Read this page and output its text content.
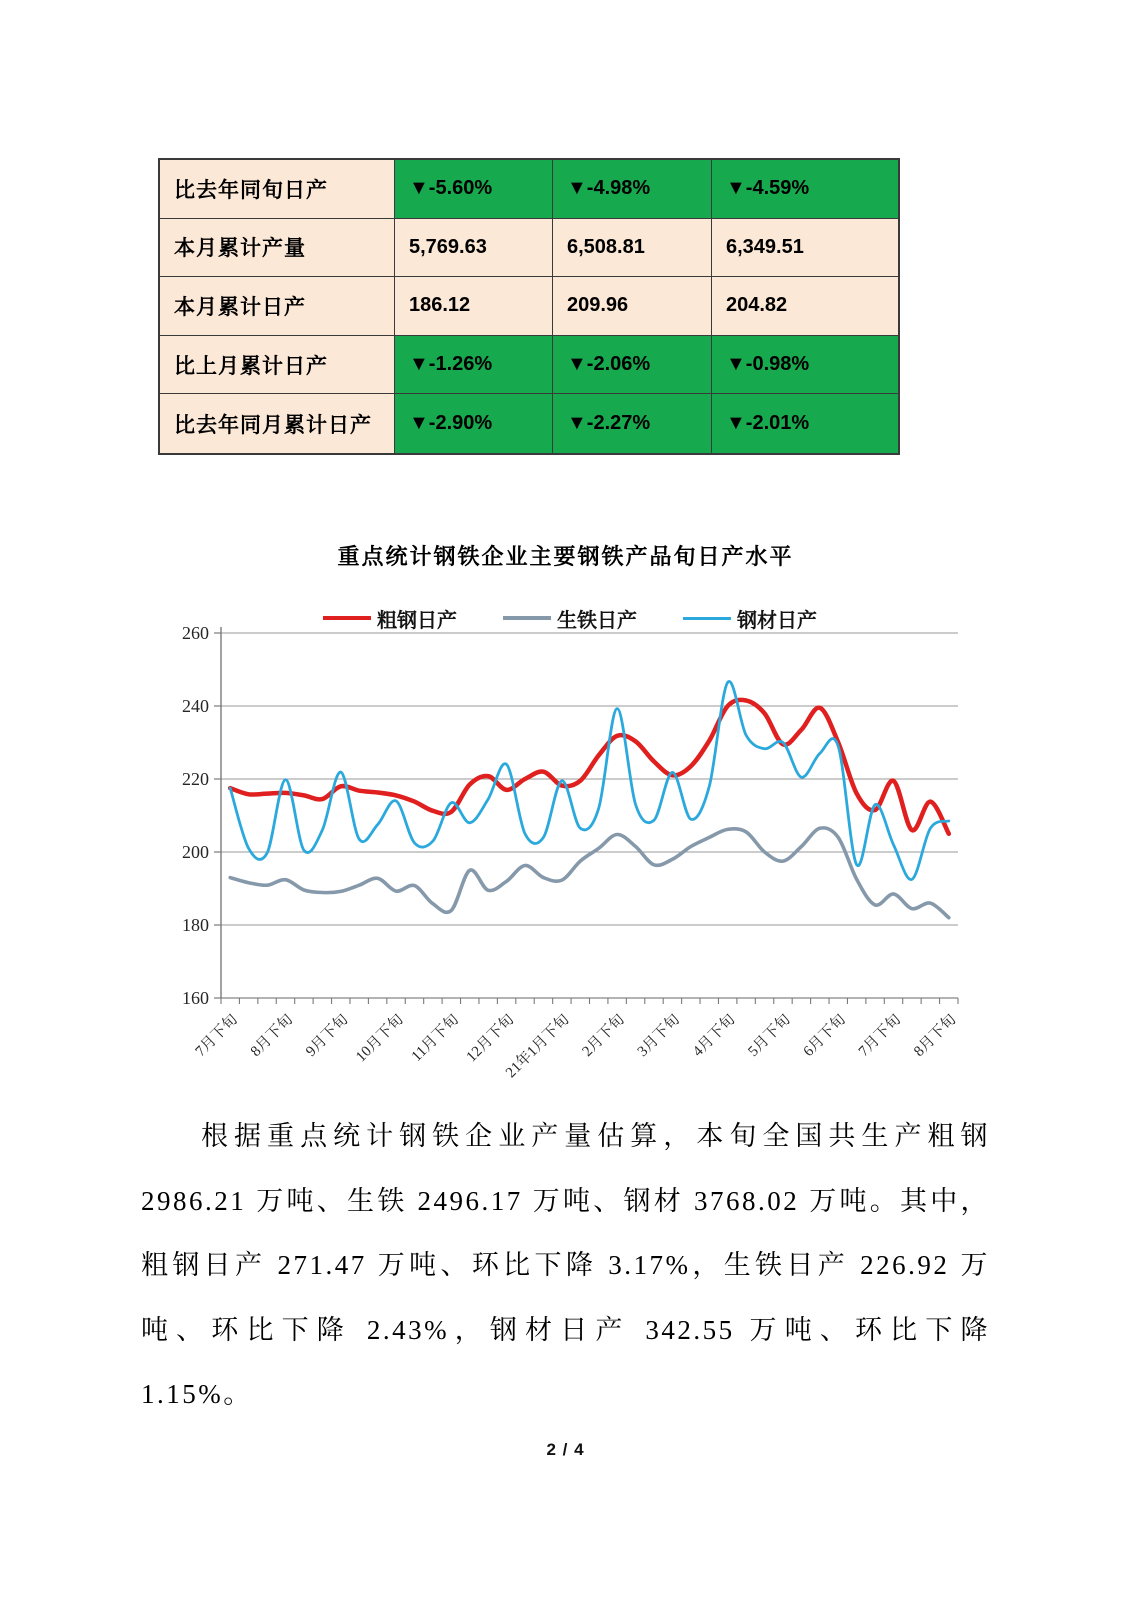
比去年同旬日产	▼-5.60%	▼-4.98%	▼-4.59%
本月累计产量	5,769.63	6,508.81	6,349.51
本月累计日产	186.12	209.96	204.82
比上月累计日产	▼-1.26%	▼-2.06%	▼-0.98%
比去年同月累计日产	▼-2.90%	▼-2.27%	▼-2.01%
重点统计钢铁企业主要钢铁产品旬日产水平
粗钢日产	生铁日产	钢材日产
160
180
200
220
240
260
7月下旬 8月下旬 9月下旬 10月下旬 11月下旬 12月下旬
21年1月下旬 2月下旬 3月下旬 4月下旬 5月下旬 6月下旬 7月下旬 8月下旬

根据重点统计钢铁企业产量估算，本旬全国共生产粗钢 2986.21 万吨、生铁 2496.17 万吨、钢材 3768.02 万吨。其中，粗钢日产 271.47 万吨、环比下降 3.17%，生铁日产 226.92 万吨、环比下降 2.43%，钢材日产 342.55 万吨、环比下降 1.15%。

2 / 4
